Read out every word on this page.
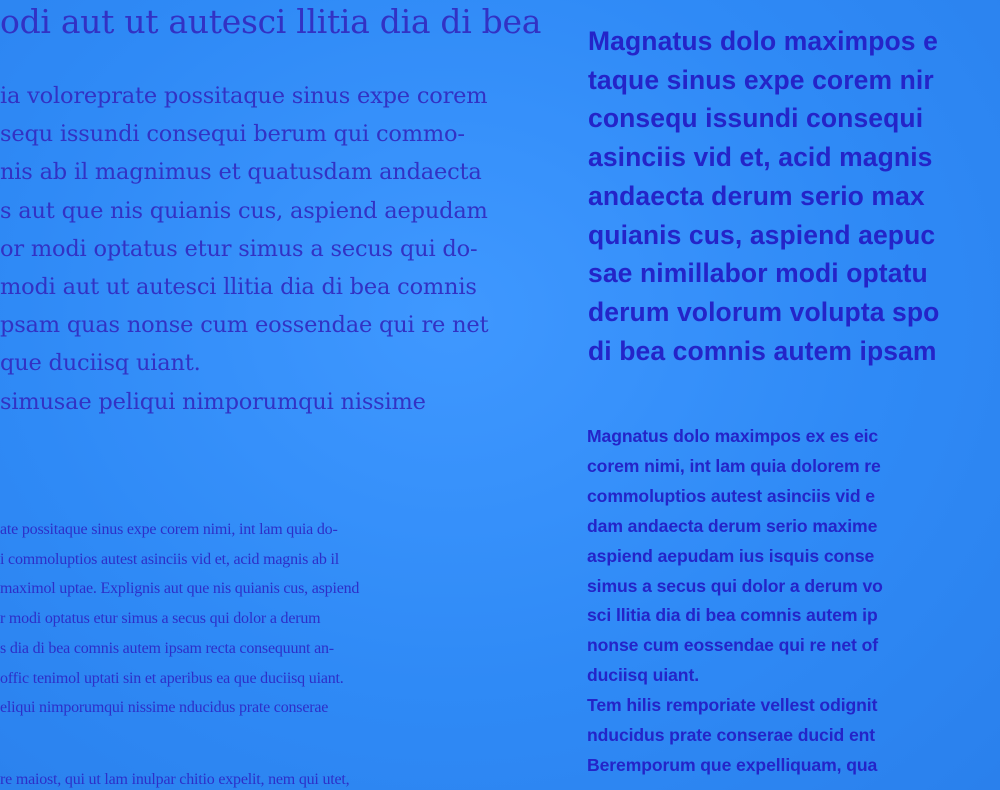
odi aut ut autesci llitia dia di bea
ia voloreprate possitaque sinus expe corem
sequ issundi consequi berum qui commo-
nis ab il magnimus et quatusdam andaecta
s aut que nis quianis cus, aspiend aepudam
or modi optatus etur simus a secus qui do-
modi aut ut autesci llitia dia di bea comnis
psam quas nonse cum eossendae qui re net
que duciisq uiant.
simusae peliqui nimporumqui nissime
ate possitaque sinus expe corem nimi, int lam quia do-
i commoluptios autest asinciis vid et, acid magnis ab il
maximol uptae. Explignis aut que nis quianis cus, aspiend
r modi optatus etur simus a secus qui dolor a derum
s dia di bea comnis autem ipsam recta consequunt an-
offic tenimol uptati sin et aperibus ea que duciisq uiant.
eliqui nimporumqui nissime nducidus prate conserae
re maiost, qui ut lam inulpar chitio expelit, nem qui utet,
Magnatus dolo maximpos e
taque sinus expe corem nir
consequ issundi consequi
asinciis vid et, acid magnis
andaecta derum serio max
quianis cus, aspiend aepuc
sae nimillabor modi optatu
derum volorum volupta spo
di bea comnis autem ipsam
Magnatus dolo maximpos ex es eic
corem nimi, int lam quia dolorem re
commoluptios autest asinciis vid e
dam andaecta derum serio maxime
aspiend aepudam ius isquis conse
simus a secus qui dolor a derum vo
sci llitia dia di bea comnis autem ip
nonse cum eossendae qui re net of
duciisq uiant.
Tem hilis remporiate vellest odignit
nducidus prate conserae ducid ent
Beremporum que expelliquam, qua
